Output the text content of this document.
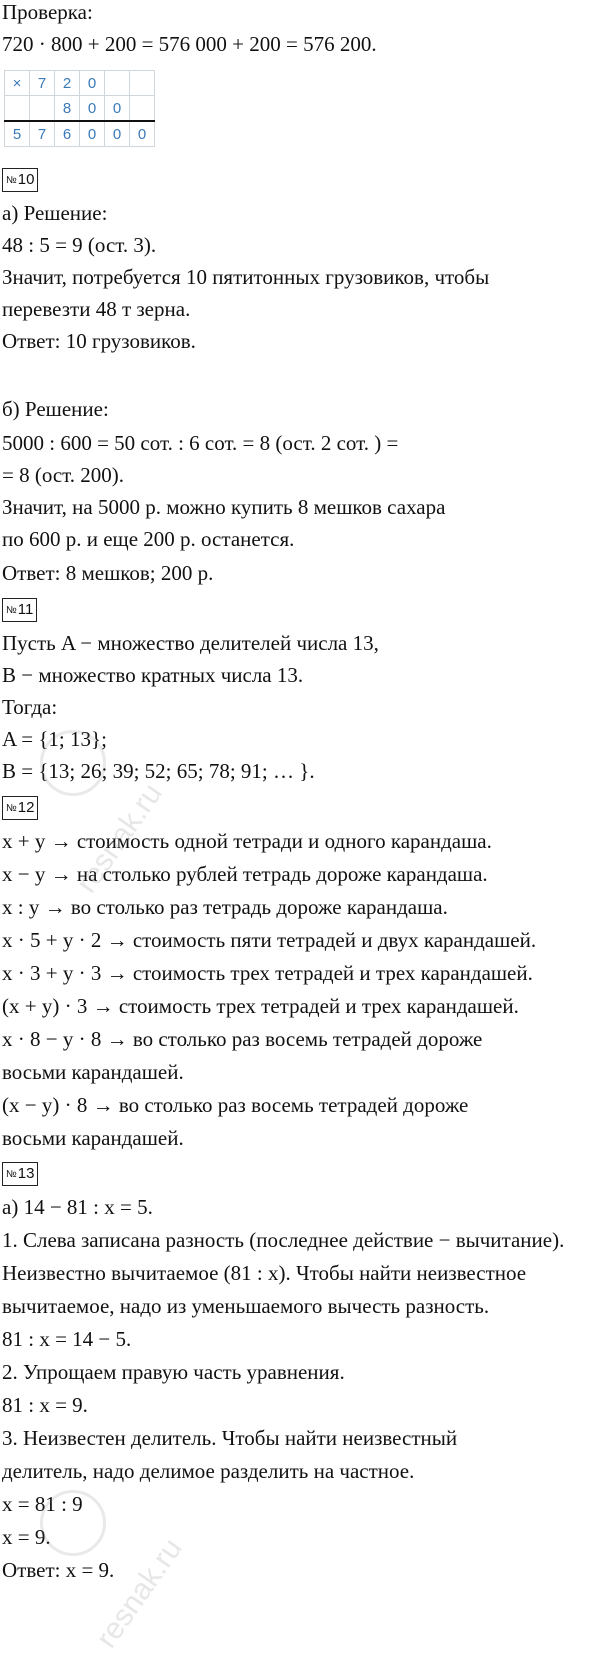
Проверка:
720 · 800 + 200 = 576 000 + 200 = 576 200.
×	7	2	0		
		8	0	0	
5	7	6	0	0	0
№10
а) Решение:
48 : 5 = 9 (ост. 3).
Значит, потребуется 10 пятитонных грузовиков, чтобы
перевезти 48 т зерна.
Ответ: 10 грузовиков.
б) Решение:
5000 : 600 = 50 сот. : 6 сот. = 8 (ост. 2 сот. ) =
= 8 (ост. 200).
Значит, на 5000 р. можно купить 8 мешков сахара
по 600 р. и еще 200 р. останется.
Ответ: 8 мешков; 200 р.
№11
Пусть A − множество делителей числа 13,
B − множество кратных числа 13.
Тогда:
A = {1; 13};
B = {13; 26; 39; 52; 65; 78; 91; … }.
№12
x + y → стоимость одной тетради и одного карандаша.
x − y → на столько рублей тетрадь дороже карандаша.
x : y → во столько раз тетрадь дороже карандаша.
x · 5 + y · 2 → стоимость пяти тетрадей и двух карандашей.
x · 3 + y · 3 → стоимость трех тетрадей и трех карандашей.
(x + y) · 3 → стоимость трех тетрадей и трех карандашей.
x · 8 − y · 8 → во столько раз восемь тетрадей дороже
восьми карандашей.
(x − y) · 8 → во столько раз восемь тетрадей дороже
восьми карандашей.
№13
а) 14 − 81 : x = 5.
1. Слева записана разность (последнее действие − вычитание).
Неизвестно вычитаемое (81 : x). Чтобы найти неизвестное
вычитаемое, надо из уменьшаемого вычесть разность.
81 : x = 14 − 5.
2. Упрощаем правую часть уравнения.
81 : x = 9.
3. Неизвестен делитель. Чтобы найти неизвестный
делитель, надо делимое разделить на частное.
x = 81 : 9
x = 9.
Ответ: x = 9.
resnak.ru
resnak.ru
